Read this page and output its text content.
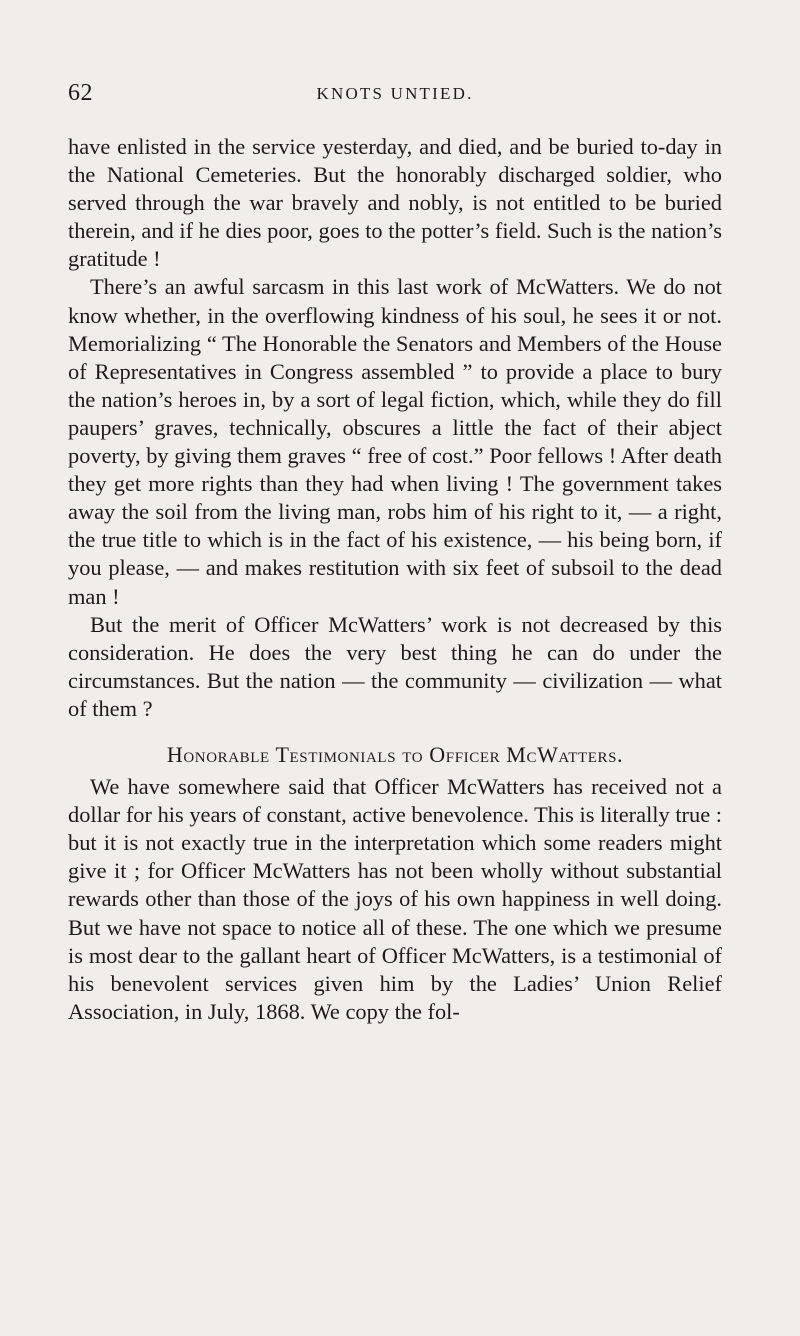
62	KNOTS UNTIED.

have enlisted in the service yesterday, and died, and be buried to-day in the National Cemeteries. But the honorably discharged soldier, who served through the war bravely and nobly, is not entitled to be buried therein, and if he dies poor, goes to the potter’s field. Such is the nation’s gratitude !

There’s an awful sarcasm in this last work of McWatters. We do not know whether, in the overflowing kindness of his soul, he sees it or not. Memorializing “ The Honorable the Senators and Members of the House of Representatives in Congress assembled ” to provide a place to bury the nation’s heroes in, by a sort of legal fiction, which, while they do fill paupers’ graves, technically, obscures a little the fact of their abject poverty, by giving them graves “ free of cost.” Poor fellows ! After death they get more rights than they had when living ! The government takes away the soil from the living man, robs him of his right to it, — a right, the true title to which is in the fact of his existence, — his being born, if you please, — and makes restitution with six feet of subsoil to the dead man !

But the merit of Officer McWatters’ work is not decreased by this consideration. He does the very best thing he can do under the circumstances. But the nation — the community — civilization — what of them ?

Honorable Testimonials to Officer McWatters.

We have somewhere said that Officer McWatters has received not a dollar for his years of constant, active benevolence. This is literally true : but it is not exactly true in the interpretation which some readers might give it ; for Officer McWatters has not been wholly without substantial rewards other than those of the joys of his own happiness in well doing. But we have not space to notice all of these. The one which we presume is most dear to the gallant heart of Officer McWatters, is a testimonial of his benevolent services given him by the Ladies’ Union Relief Association, in July, 1868. We copy the fol-
